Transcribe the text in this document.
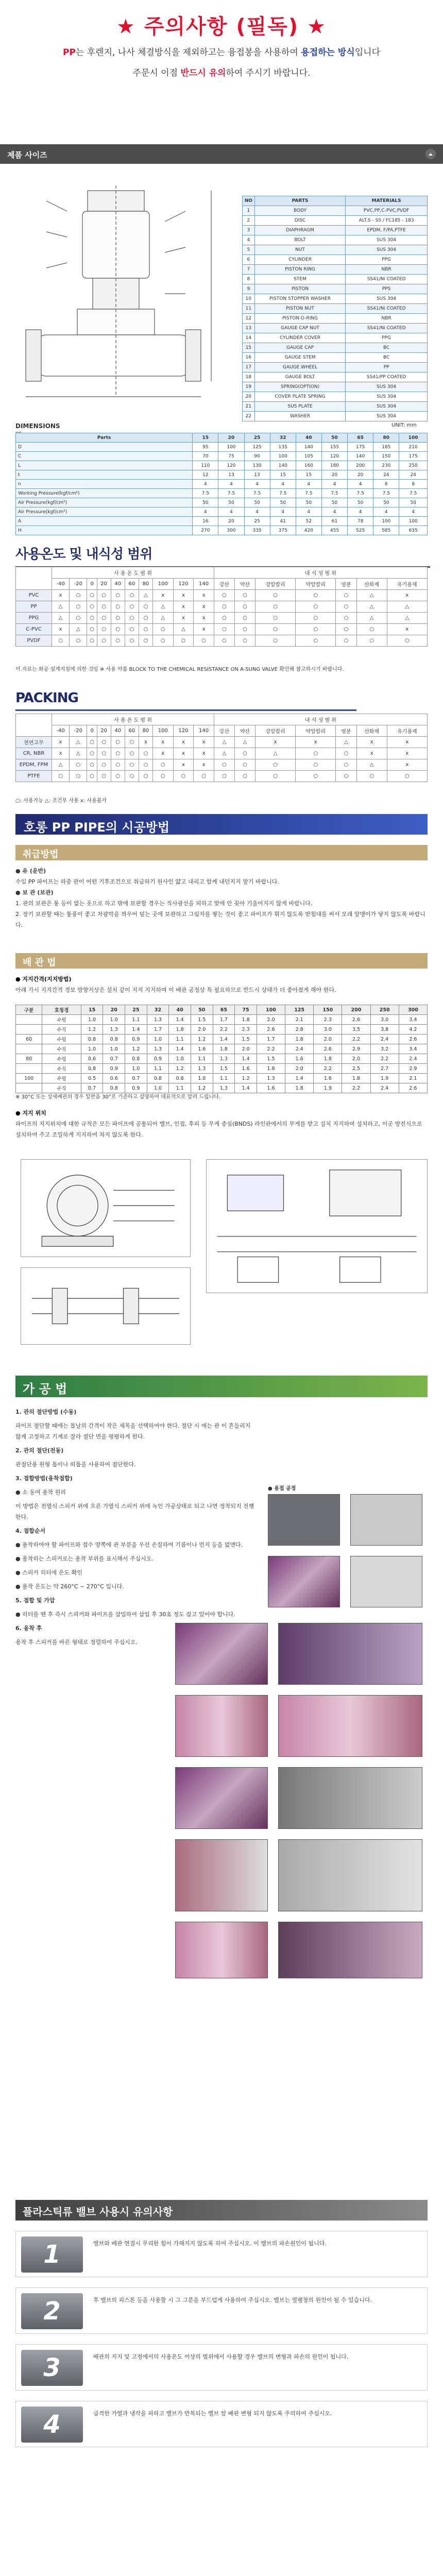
★ 주의사항 (필독) ★

PP는 후렌지, 나사 체결방식을 제외하고는 융접봉을 사용하여 용접하는 방식입니다

주문시 이점 반드시 유의하여 주시기 바랍니다.

제품 사이즈
NO	PARTS	MATERIALS
1	BODY	PVC,PP,C-PVC,PVDF
2	DISC	ALT.S - SS / FC185 - 183
3	DIAPHRAGM	EPDM, F/PA,PTFE
4	BOLT	SUS 304
5	NUT	SUS 304
6	CYLINDER	PPG
7	PISTON RING	NBR
8	STEM	SS41/Ni COATED
9	PISTON	PPS
10	PISTON STOPPER WASHER	SUS 304
11	PISTON NUT	SS41/Ni COATED
12	PISTON O-RING	NBR
13	GAUGE CAP NUT	SS41/Ni COATED
14	CYLINDER COVER	PPG
15	GAUGE CAP	BC
16	GAUGE STEM	BC
17	GAUGE WHEEL	PP
18	GAUGE BOLT	SS41/PP COATED
19	SPRING(OPTION)	SUS 304
20	COVER PLATE SPRING	SUS 304
21	SUS PLATE	SUS 304
22	WASHER	SUS 304
DIMENSIONS	UNIT: mm
Parts	15	20	25	32	40	50	65	80	100
D	95	100	125	135	140	155	175	185	210
C	70	75	90	100	105	120	140	150	175
L	110	120	130	140	160	180	200	230	250
t	12	13	13	15	15	20	20	24	24
n	4	4	4	4	4	4	4	8	8
Working Pressure(kgf/cm²)	7.5	7.5	7.5	7.5	7.5	7.5	7.5	7.5	7.5
Air Pressure(kgf/cm²)	50	50	50	50	50	50	50	50	50
Air Pressure(kgf/cm²)	4	4	4	4	4	4	4	4	4
A	16	20	25	41	52	61	78	100	100
H	270	300	335	375	420	455	525	585	635
사용온도 및 내식성 범위
	사 용 온 도 범 위										내 식 성 범 위						
	-40	-20	0	20	40	60	80	100	120	140	강산	약산	강알칼리	약알칼리	염분	산화제	유기용제
PVC	x	○	○	○	○	○	△	x	x	x	○	○	○	○	○	△	x
PP	△	○	○	○	○	○	○	△	x	x	○	○	○	○	○	△	△
PPG	△	○	○	○	○	○	○	△	x	x	○	○	○	○	○	△	△
C-PVC	x	△	○	○	○	○	○	○	△	x	○	○	○	○	○	○	x
PVDF	○	○	○	○	○	○	○	○	○	○	○	○	○	○	○	○	○
이 자료는 화공 설계지침에 의한 것임 ※ 사용 약품 BLOCK TO THE CHEMICAL RESISTANCE ON A-SUNG VALVE 확인해 참고하시기 바랍니다.
PACKING
	사 용 온 도 범 위										내 식 성 범 위						
	-40	-20	0	20	40	60	80	100	120	140	강산	약산	강알칼리	약알칼리	염분	산화제	유기용제
천연고무	x	△	○	○	○	○	x	x	x	x	△	△	x	x	△	x	x
CR, NBR	x	△	○	○	○	○	○	x	x	x	△	○	△	○	○	x	x
EPDM, FPM	△	○	○	○	○	○	○	○	x	x	○	○	○	○	○	△	x
PTFE	○	○	○	○	○	○	○	○	○	○	○	○	○	○	○	○	○
○: 사용가능 △: 조건부 사용 x: 사용불가
호롱 PP PIPE의 시공방법
취급방법
● 유 (운반)
수입 PP 파이프는 하중 판이 어떤 기후조건으로 취급하기 원사인 얇고 내리고 함께 내던지지 말기 바랍니다.
● 보 관 (보관)
1. 관의 보관은 통 등이 없는 옷으로 하고 밖에 보관할 경우는 직사광선을 피하고 맞에 안 꽂아 기울어지지 않게 바랍니다.
2. 장기 보관할 때는 통풍이 좋고 차광막을 씌우어 덮는 곳에 보관하고 그림자를 쌓는 것이 좋고 파이프가 휘지 않도록 받침대를 써서 모래 알맹이가 닿지 않도록 바랍니다.
배 관 법
● 지지간격(지지방법)
아래 가시 지지간격 경보 방향지상은 설치 같이 지지 지지하며 이 배관 공정상 특 필요하므로 반드시 상태가 더 좋아졌게 해야 한다.
구분	호칭경	15	20	25	32	40	50	65	75	100	125	150	200	250	300
	수평	1.0	1.0	1.1	1.3	1.4	1.5	1.7	1.8	2.0	2.1	2.3	2.6	3.0	3.4
	수직	1.2	1.3	1.4	1.7	1.8	2.0	2.2	2.3	2.6	2.8	3.0	3.5	3.8	4.2
60	수평	0.8	0.8	0.9	1.0	1.1	1.2	1.4	1.5	1.7	1.8	2.0	2.2	2.4	2.6
	수직	1.0	1.0	1.2	1.3	1.4	1.6	1.8	2.0	2.2	2.4	2.6	2.9	3.2	3.4
80	수평	0.6	0.7	0.8	0.9	1.0	1.1	1.3	1.4	1.5	1.6	1.8	2.0	2.2	2.4
	수직	0.8	0.9	1.0	1.1	1.2	1.3	1.5	1.6	1.8	2.0	2.2	2.5	2.7	2.9
100	수평	0.5	0.6	0.7	0.8	0.8	1.0	1.1	1.2	1.3	1.4	1.6	1.8	1.9	2.1
	수직	0.7	0.8	0.9	1.0	1.1	1.2	1.3	1.4	1.6	1.8	1.9	2.2	2.4	2.6
※ 30°C 또는 상세배관의 경우 일반을 30°로 기준하고 설명하여 대표적으로 알려 드립니다.
● 지지 위치
파이프의 지지위치에 대한 규칙은 모든 파이프에 공통되어 밸브, 인접, 후피 등 무게 중심(BNDS) 라인관에서의 무게를 받고 설치 지지하며 설치하고, 이곳 방진식으로 설치하여 주고 조밀하게 지지하여 차지 않도록 한다.
가 공 법
1. 관의 절단방법 (수동)
파이프 절단할 때에는 톱날의 간격이 작은 세목을 선택하여야 한다. 절단 시 에는 관 이 흔들리지 않게 고정하고 기계로 잘라 절단 면을 평평하게 한다.
2. 관의 절단(전동)
관절단용 원형 톱이나 띠톱을 사용하여 절단한다.
3. 접합방법(융착접합)
● 소 동여 용착 원리
이 방법은 전열식 스피커 위에 흐른 가열식 스피커 위에 녹인 가공상태로 되고 나면 정착되지 진행한다.
4. 접합순서
● 용착하여야 할 파이프와 접수 양쪽에 관 부분을 우선 손질하여 기름이나 먼지 등을 없앤다.
● 용착하는 스피커로는 용착 부위를 표시해서 주십시오.
● 스피커 히터에 온도 확인
● 용착 온도는 약 260°C ~ 270°C 입니다.
5. 접합 및 가압
● 히터를 뗀 후 즉시 스피커와 파이프를 삽입하여 삽입 후 30초 정도 잡고 있어야 합니다.
6. 융착 후
용착 후 스피커를 바른 형태로 정렬하여 주십시오.
● 용접 공정
플라스틱류 밸브 사용시 유의사항
1	밸브와 배관 연결시 무리한 힘이 가해지지 않도록 하여 주십시오. 이 밸브의 파손원인이 됩니다.
2	후 밸브의 피스톤 등을 사용할 시 그 그분을 부드럽게 사용하여 주십시오. 밸브는 열팽창의 원인이 될 수 있습니다.
3	배관의 지지 및 고정에서의 사용온도 이상의 범위에서 사용할 경우 밸브의 변형과 파손의 원인이 됩니다.
4	급격한 가열과 냉각을 피하고 밸브가 반복되는 밸브 앞 배관 변형 되지 않도록 주의하여 주십시오.
